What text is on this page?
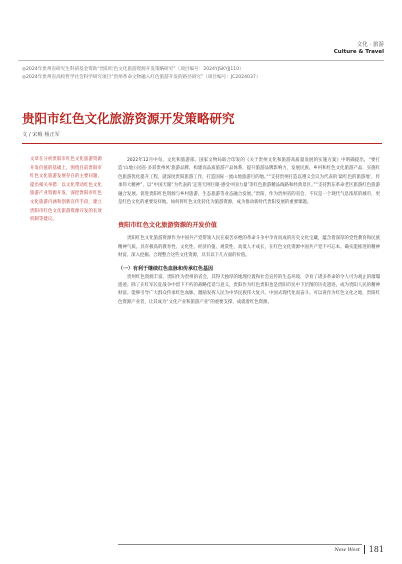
文化 · 旅游
Culture & Travel
◎2024年贵州省研究生科研基金资助“贵阳红色文化旅游资源开发策略研究”（项目编号：2024YJSKYJJ110）
◎2024年贵州省高校哲学社会科学研究项目“贵州革命文物融入红色旅游开发的路径研究”（项目编号：JC2024037）
贵阳市红色文化旅游资源开发策略研究
文 / 宋梅 杨正军
文章在分析贵阳市红色文化旅游资源开发价值的基础上，围绕目前贵阳市红色文化旅游发展存在的主要问题，提出相关举措：以文化带动红色文化旅游产业资源开发，深挖贵阳市红色文化旅游内涵和创新宣传手段，建立贵阳市红色文化旅游资源开发的长效机制等建议。

2022年12月中旬，文化和旅游部、国家文物局联合印发的《关于贵州文化和旅游高质量发展的实施方案》中明确提出，“要打造‘山地公园省·多彩贵州风’旅游品牌，构建高品质旅游产品体系，提升旅游品牌影响力，发展民族、乡村和红色文化旅游产品，实施红色旅游优化提升工程，就深度贵阳旅游工作，打造国际一流山地旅游目的地。”“支持贵州打造以遵义会议为代表的‘最红色的旅游地’，传承伟大精神”，以“中国天眼”为代表的‘走进天网巨眼·感受中国力量’等红色旅游精品线路和经典景区。”“支持黔东革命老区旅游红色旅游融合发展。促进贵阳红色资源与乡村旅游、生态旅游等业态融合发展。”贵阳，作为贵州省的省会，不仅是一个现代气息浓厚的城市，更是红色文化的重要发祥地。如何将红色文化转化为旅游资源，成为推动新时代贵阳发展的重要课题。

贵阳市红色文化旅游资源的开发价值

贵阳红色文化旅游资源作为中国共产党带领人民在艰苦卓绝的革命斗争中孕育而成的历史文化宝藏，蕴含着深厚的党性教育和民族精神气质。具有极高的教育性、文化性、经济价值、观赏性、高低人才成长，在红色文化资源中国共产党不可忘本。确实能推进的精神财富。深入挖掘、合理整合这些文化资源，具有以下几方面的价值。

（一）有利于继续红色血脉和传承红色基因

贵州红色资源丰富，贵阳作为贵州的省会，其得天独厚的地理位置和社会宣传的生态环境，孕育了诸多革命的令人可为观止的璀璨遗迹。除了在红军长征战争中留下不朽的战略佳话与意义，贵阳作为红色贵阳也是贵阳市民中下层图的历史遗迹，成为贵阳人民的精神财富。能够引导广大群众传承红色血脉，激励发挥人民为中华民族伟大复兴、中国式现代化而奋斗。可以说作为红色文化之地，贵阳红色资源产业者，让其成为“文化产业和旅游产业”的重要支撑，成就着红色资源。

New West 181
